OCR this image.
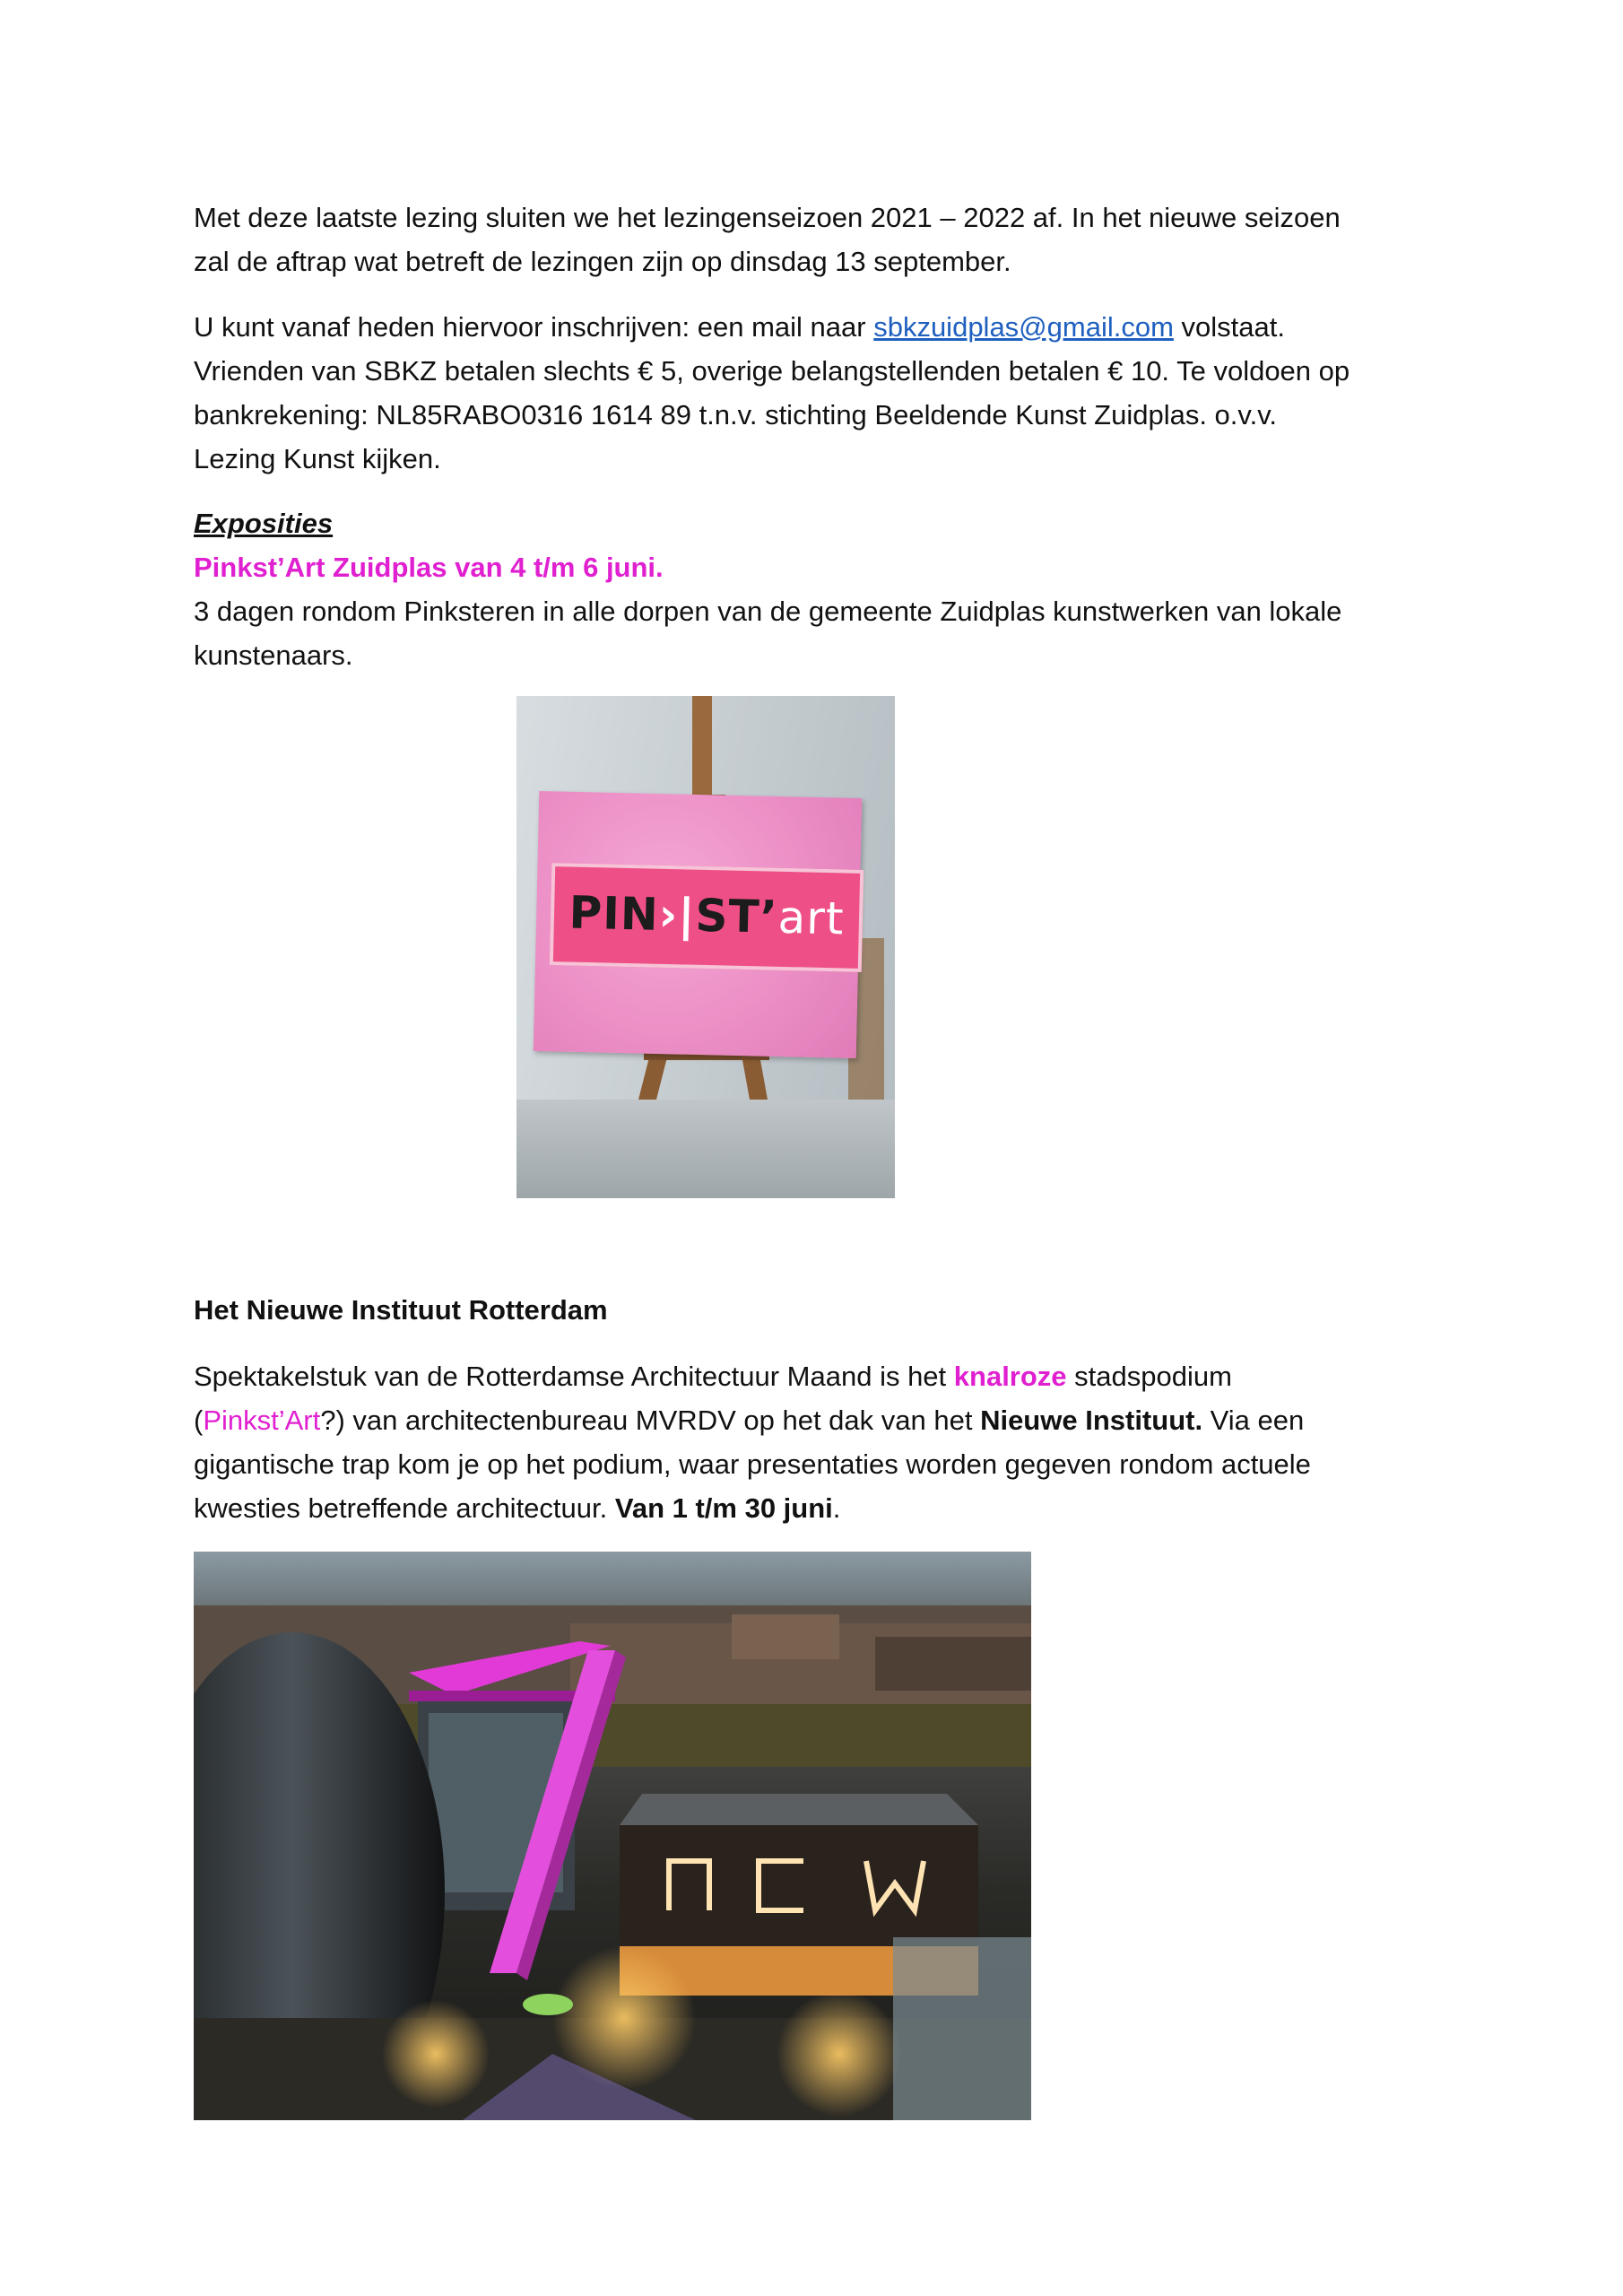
Met deze laatste lezing sluiten we het lezingenseizoen 2021 – 2022 af. In het nieuwe seizoen

zal de aftrap wat betreft de lezingen zijn op dinsdag 13 september.

U kunt vanaf heden hiervoor inschrijven: een mail naar sbkzuidplas@gmail.com volstaat.

Vrienden van SBKZ betalen slechts € 5, overige belangstellenden betalen € 10. Te voldoen op

bankrekening: NL85RABO0316 1614 89 t.n.v. stichting Beeldende Kunst Zuidplas. o.v.v.

Lezing Kunst kijken.

Exposities

Pinkst’Art Zuidplas van 4 t/m 6 juni.

3 dagen rondom Pinksteren in alle dorpen van de gemeente Zuidplas kunstwerken van lokale

kunstenaars.

PIN›|ST’art

Het Nieuwe Instituut Rotterdam

Spektakelstuk van de Rotterdamse Architectuur Maand is het knalroze stadspodium

(Pinkst’Art?) van architectenbureau MVRDV op het dak van het Nieuwe Instituut. Via een

gigantische trap kom je op het podium, waar presentaties worden gegeven rondom actuele

kwesties betreffende architectuur. Van 1 t/m 30 juni.
